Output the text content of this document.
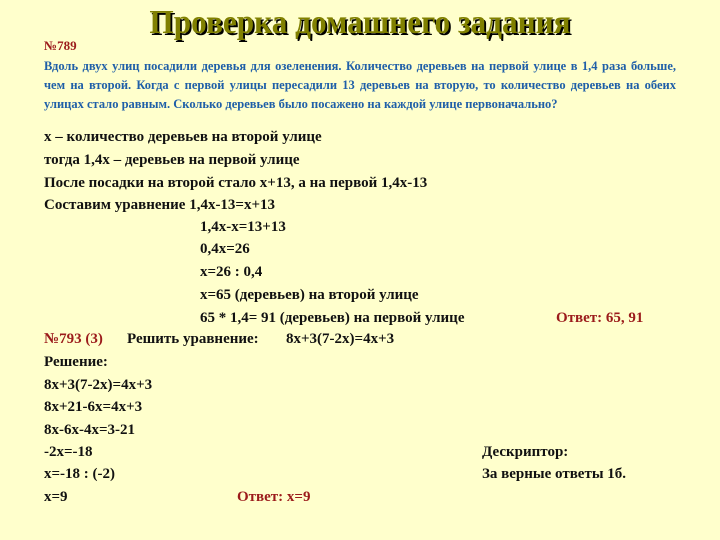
Проверка домашнего задания
№789
Вдоль двух улиц посадили деревья для озеленения. Количество деревьев на первой улице в 1,4 раза больше, чем на второй. Когда с первой улицы пересадили 13 деревьев на вторую, то количество деревьев на обеих улицах стало равным. Сколько деревьев было посажено на каждой улице первоначально?
х – количество деревьев на второй улице
тогда 1,4х – деревьев на первой улице
После посадки на второй стало х+13, а на первой 1,4х-13
Составим уравнение 1,4х-13=х+13
1,4х-х=13+13
0,4х=26
х=26 : 0,4
х=65 (деревьев) на второй улице
65 * 1,4= 91 (деревьев) на первой улице	Ответ: 65, 91
№793 (3) Решить уравнение: 8х+3(7-2х)=4х+3
Решение:
8х+3(7-2х)=4х+3
8х+21-6х=4х+3
8х-6х-4х=3-21
-2х=-18
х=-18 : (-2)
х=9	Ответ: х=9
Дескриптор:
За верные ответы 1б.
